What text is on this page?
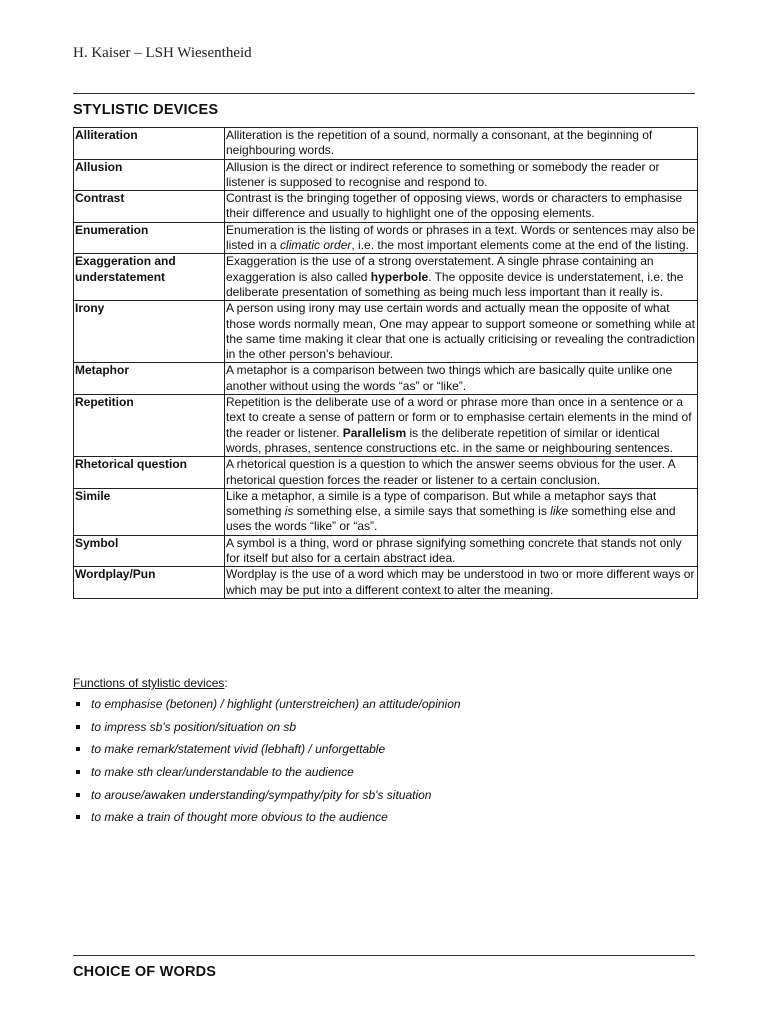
H. Kaiser – LSH Wiesentheid
STYLISTIC DEVICES
Alliteration	Alliteration is the repetition of a sound, normally a consonant, at the beginning of neighbouring words.
Allusion	Allusion is the direct or indirect reference to something or somebody the reader or listener is supposed to recognise and respond to.
Contrast	Contrast is the bringing together of opposing views, words or characters to emphasise their difference and usually to highlight one of the opposing elements.
Enumeration	Enumeration is the listing of words or phrases in a text. Words or sentences may also be listed in a climatic order, i.e. the most important elements come at the end of the listing.
Exaggeration and understatement	Exaggeration is the use of a strong overstatement. A single phrase containing an exaggeration is also called hyperbole. The opposite device is understatement, i.e. the deliberate presentation of something as being much less important than it really is.
Irony	A person using irony may use certain words and actually mean the opposite of what those words normally mean, One may appear to support someone or something while at the same time making it clear that one is actually criticising or revealing the contradiction in the other person's behaviour.
Metaphor	A metaphor is a comparison between two things which are basically quite unlike one another without using the words “as” or “like”.
Repetition	Repetition is the deliberate use of a word or phrase more than once in a sentence or a text to create a sense of pattern or form or to emphasise certain elements in the mind of the reader or listener. Parallelism is the deliberate repetition of similar or identical words, phrases, sentence constructions etc. in the same or neighbouring sentences.
Rhetorical question	A rhetorical question is a question to which the answer seems obvious for the user. A rhetorical question forces the reader or listener to a certain conclusion.
Simile	Like a metaphor, a simile is a type of comparison. But while a metaphor says that something is something else, a simile says that something is like something else and uses the words “like” or “as”.
Symbol	A symbol is a thing, word or phrase signifying something concrete that stands not only for itself but also for a certain abstract idea.
Wordplay/Pun	Wordplay is the use of a word which may be understood in two or more different ways or which may be put into a different context to alter the meaning.
Functions of stylistic devices:
to emphasise (betonen) / highlight (unterstreichen) an attitude/opinion
to impress sb's position/situation on sb
to make remark/statement vivid (lebhaft) / unforgettable
to make sth clear/understandable to the audience
to arouse/awaken understanding/sympathy/pity for sb's situation
to make a train of thought more obvious to the audience
CHOICE OF WORDS
